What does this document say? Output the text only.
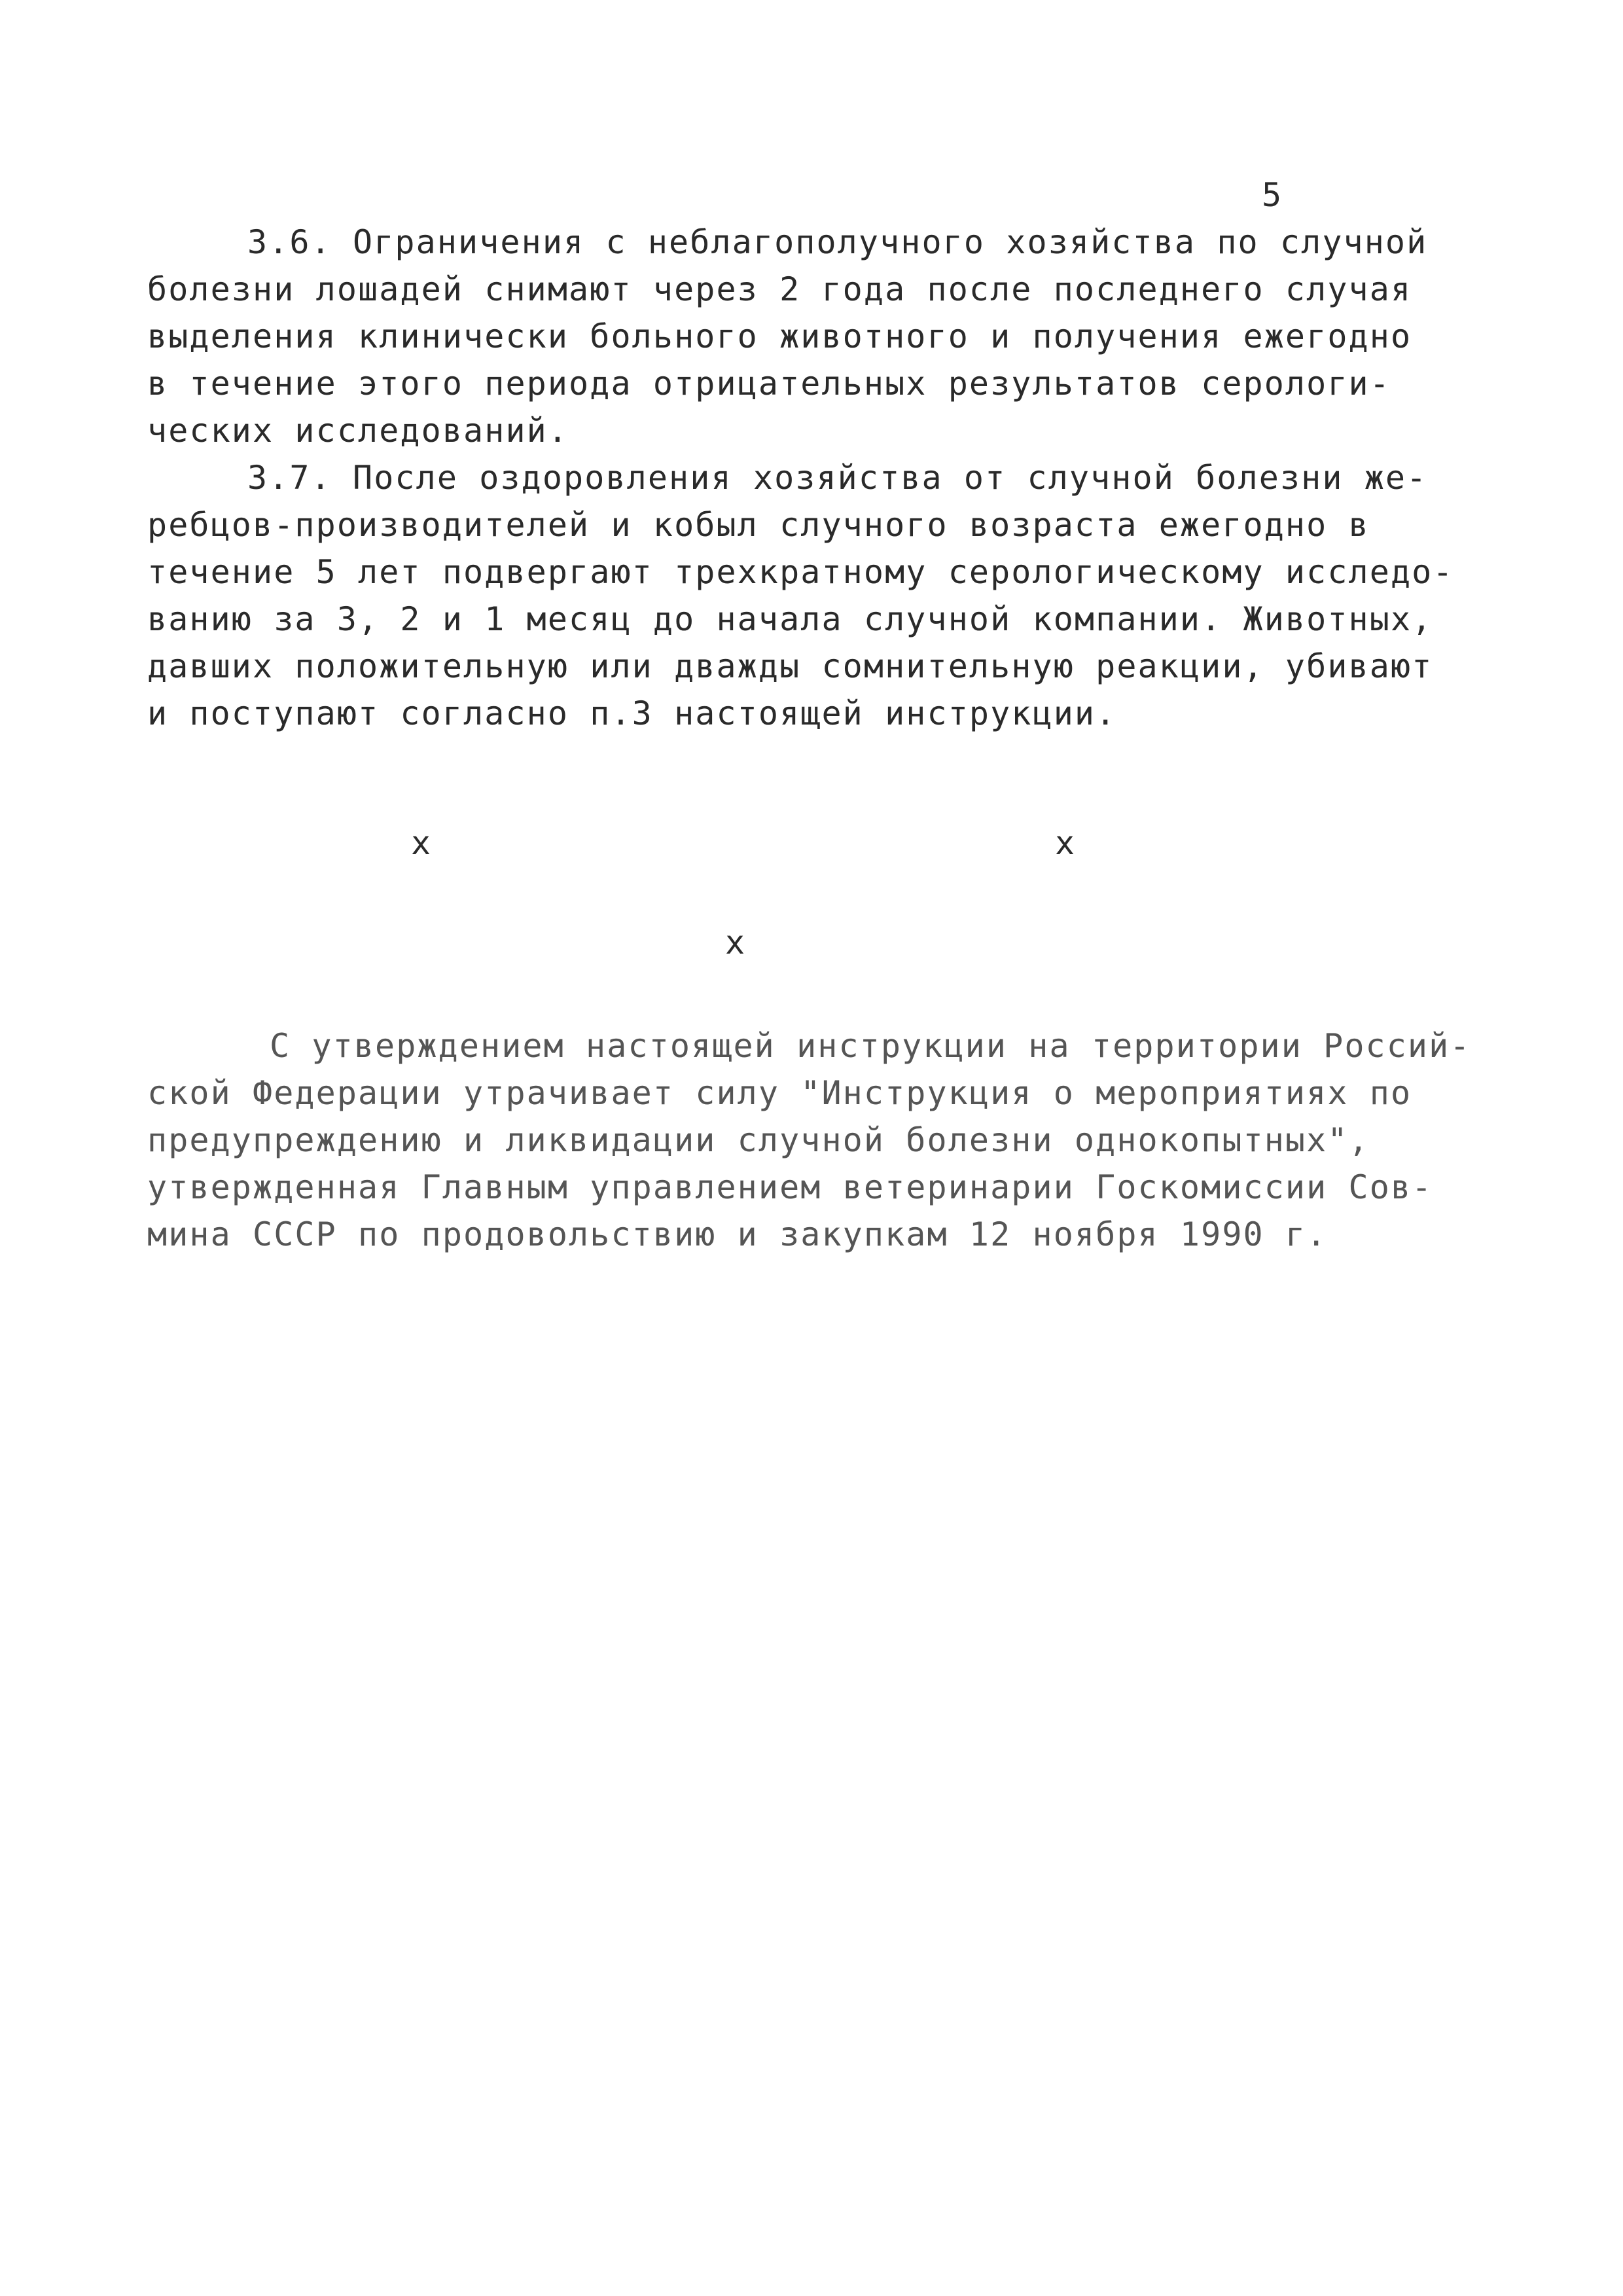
5
3.6. Ограничения с неблагополучного хозяйства по случной
болезни лошадей снимают через 2 года после последнего случая
выделения клинически больного животного и получения ежегодно
в течение этого периода отрицательных результатов серологи-
ческих исследований.
3.7. После оздоровления хозяйства от случной болезни же-
ребцов-производителей и кобыл случного возраста ежегодно в
течение 5 лет подвергают трехкратному серологическому исследо-
ванию за 3, 2 и 1 месяц до начала случной компании. Животных,
давших положительную или дважды сомнительную реакции, убивают
и поступают согласно п.3 настоящей инструкции.
х	х
х
С утверждением настоящей инструкции на территории Россий-
ской Федерации утрачивает силу "Инструкция о мероприятиях по
предупреждению и ликвидации случной болезни однокопытных",
утвержденная Главным управлением ветеринарии Госкомиссии Сов-
мина СССР по продовольствию и закупкам 12 ноября 1990 г.
